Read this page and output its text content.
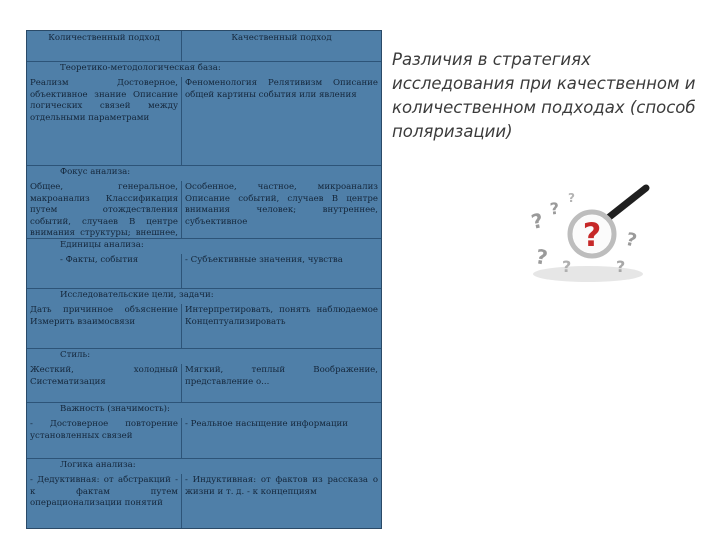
Количественный подход	Качественный подход
Теоретико-методологическая база:
Реализм Достоверное, объективное знание Описание логических связей между отдельными параметрами
Феноменология Релятивизм Описание общей картины события или явления
Фокус анализа:
Общее, генеральное, макроанализ Классификация путем отождествления событий, случаев В центре внимания структуры; внешнее,
Особенное, частное, микроанализ Описание событий, случаев В центре внимания человек; внутреннее, субъективное
Единицы анализа:
- Факты, события	- Субъективные значения, чувства
Исследовательские цели, задачи:
Дать причинное объяснение Измерить взаимосвязи
Интерпретировать, понять наблюдаемое Концептуализировать
Стиль:
Жесткий, холодный Систематизация
Мягкий, теплый Воображение, представление о...
Важность (значимость):
- Достоверное повторение установленных связей
- Реальное насыщение информации
Логика анализа:
- Дедуктивная: от абстракций - к фактам путем операционализации понятий
- Индуктивная: от фактов из рассказа о жизни и т. д. - к концепциям
Различия в стратегиях исследования при качественном и количественном подходах (способ поляризации)
? ?
? ?
?
?
?
?
